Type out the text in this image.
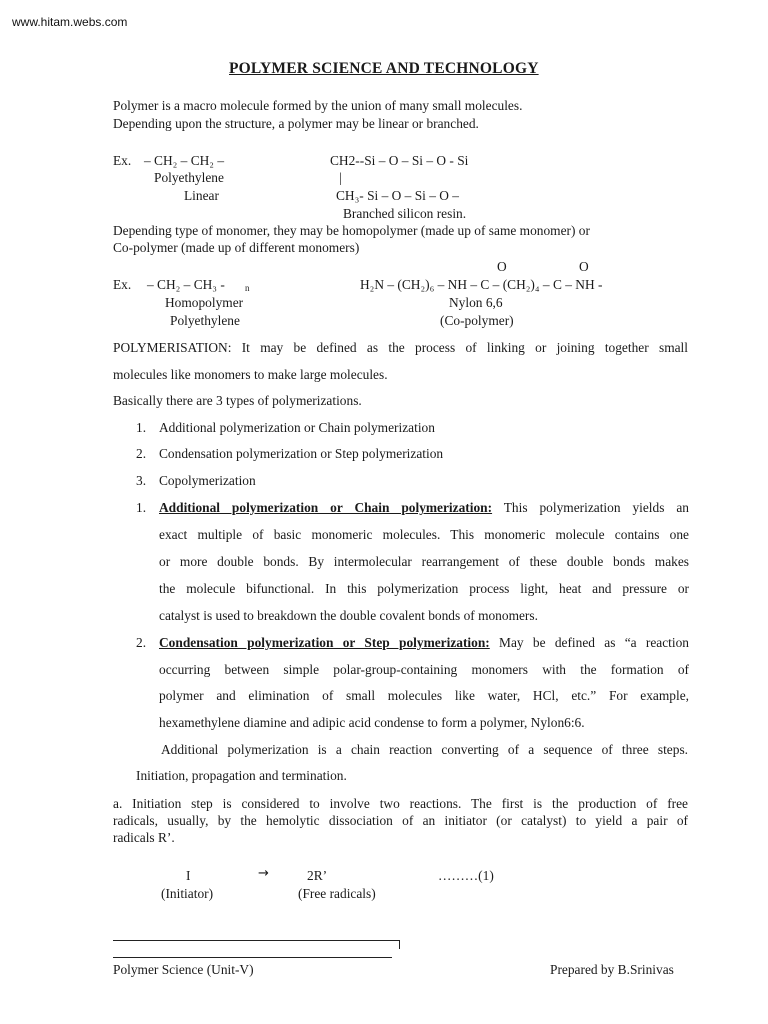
www.hitam.webs.com
POLYMER SCIENCE AND TECHNOLOGY
Polymer is a macro molecule formed by the union of many small molecules.
Depending upon the structure, a polymer may be linear or branched.
Ex. – CH₂ – CH₂ –
Polyethylene
Linear
CH2--Si – O – Si – O - Si
|
CH₃- Si – O – Si – O –
Branched silicon resin.
Depending type of monomer, they may be homopolymer (made up of same monomer) or
Co-polymer (made up of different monomers)
O	O
Ex. – CH₂ – CH₃ - n	H₂N – (CH₂)₆ – NH – C – (CH₂)₄ – C – NH -
Homopolymer
Polyethylene
Nylon 6,6
(Co-polymer)
POLYMERISATION: It may be defined as the process of linking or joining together small
molecules like monomers to make large molecules.
Basically there are 3 types of polymerizations.
1. Additional polymerization or Chain polymerization
2. Condensation polymerization or Step polymerization
3. Copolymerization
1. Additional polymerization or Chain polymerization: This polymerization yields an
exact multiple of basic monomeric molecules. This monomeric molecule contains one
or more double bonds. By intermolecular rearrangement of these double bonds makes
the molecule bifunctional. In this polymerization process light, heat and pressure or
catalyst is used to breakdown the double covalent bonds of monomers.
2. Condensation polymerization or Step polymerization: May be defined as “a reaction
occurring between simple polar-group-containing monomers with the formation of
polymer and elimination of small molecules like water, HCl, etc.” For example,
hexamethylene diamine and adipic acid condense to form a polymer, Nylon6:6.
Additional polymerization is a chain reaction converting of a sequence of three steps.
Initiation, propagation and termination.
a. Initiation step is considered to involve two reactions. The first is the production of free
radicals, usually, by the hemolytic dissociation of an initiator (or catalyst) to yield a pair of
radicals R’.
I	→	2R’	………(1)
(Initiator)	(Free radicals)
Polymer Science (Unit-V)	Prepared by B.Srinivas
